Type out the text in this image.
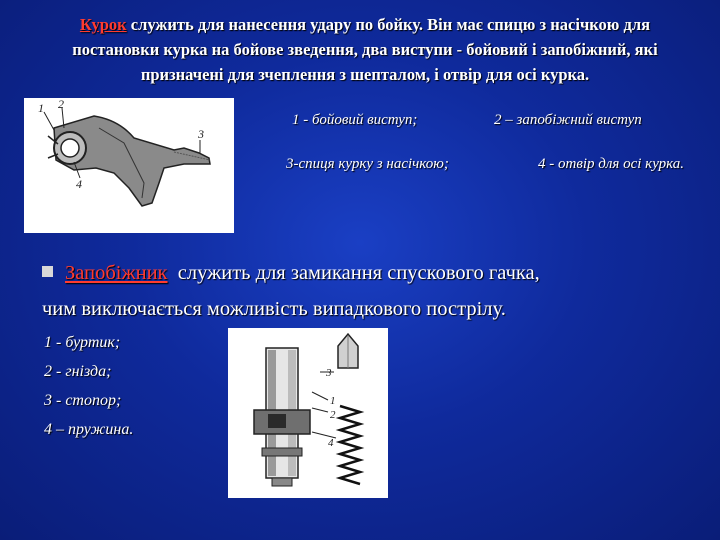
Курок служить для нанесення удару по бойку. Він має спицю з насічкою для постановки курка на бойове зведення, два виступи - бойовий і запобіжний, які призначені для зчеплення з шепталом, і отвір для осі курка.
1 2
3
4
1 - бойовий виступ;	2 – запобіжний виступ
3-спиця курку з насічкою;	4 - отвір для осі курка.
Запобіжник служить для замикання спускового гачка,
чим виключається можливість випадкового пострілу.
1 - буртик;
2 - гнізда;
3 - стопор;
4 – пружина.
3
1
2
4
